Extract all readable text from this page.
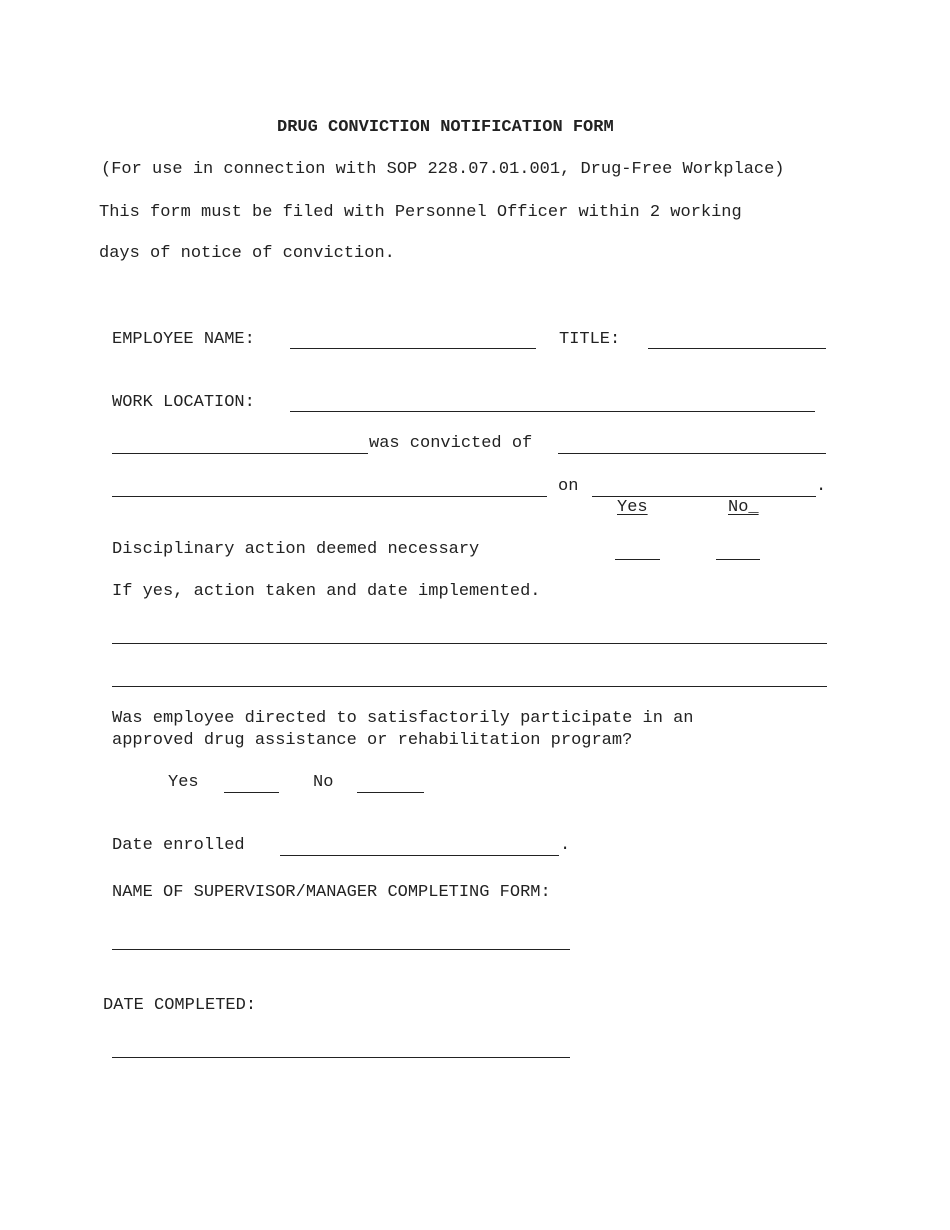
DRUG CONVICTION NOTIFICATION FORM
(For use in connection with SOP 228.07.01.001, Drug-Free Workplace)
This form must be filed with Personnel Officer within 2 working
days of notice of conviction.
EMPLOYEE NAME:	TITLE:
WORK LOCATION:
was convicted of
on	.
Yes	No_
Disciplinary action deemed necessary
If yes, action taken and date implemented.
Was employee directed to satisfactorily participate in an
approved drug assistance or rehabilitation program?
Yes	No
Date enrolled	.
NAME OF SUPERVISOR/MANAGER COMPLETING FORM:
DATE COMPLETED:
